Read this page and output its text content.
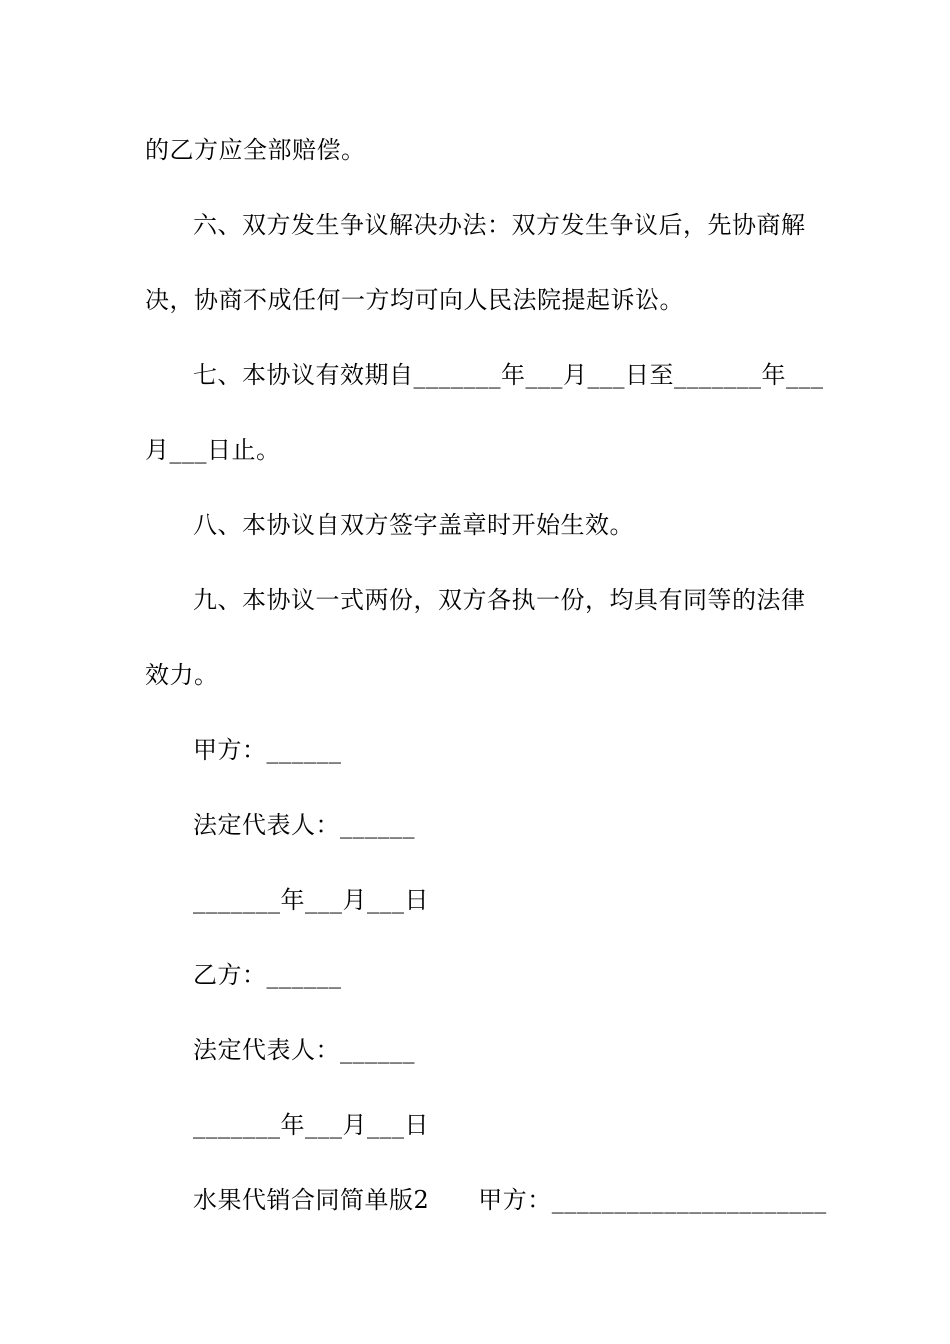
的乙方应全部赔偿。
六、双方发生争议解决办法：双方发生争议后，先协商解
决，协商不成任何一方均可向人民法院提起诉讼。
七、本协议有效期自_______年___月___日至_______年___
月___日止。
八、本协议自双方签字盖章时开始生效。
九、本协议一式两份，双方各执一份，均具有同等的法律
效力。
甲方：______
法定代表人：______
_______年___月___日
乙方：______
法定代表人：______
_______年___月___日
水果代销合同简单版2　　甲方：______________________
